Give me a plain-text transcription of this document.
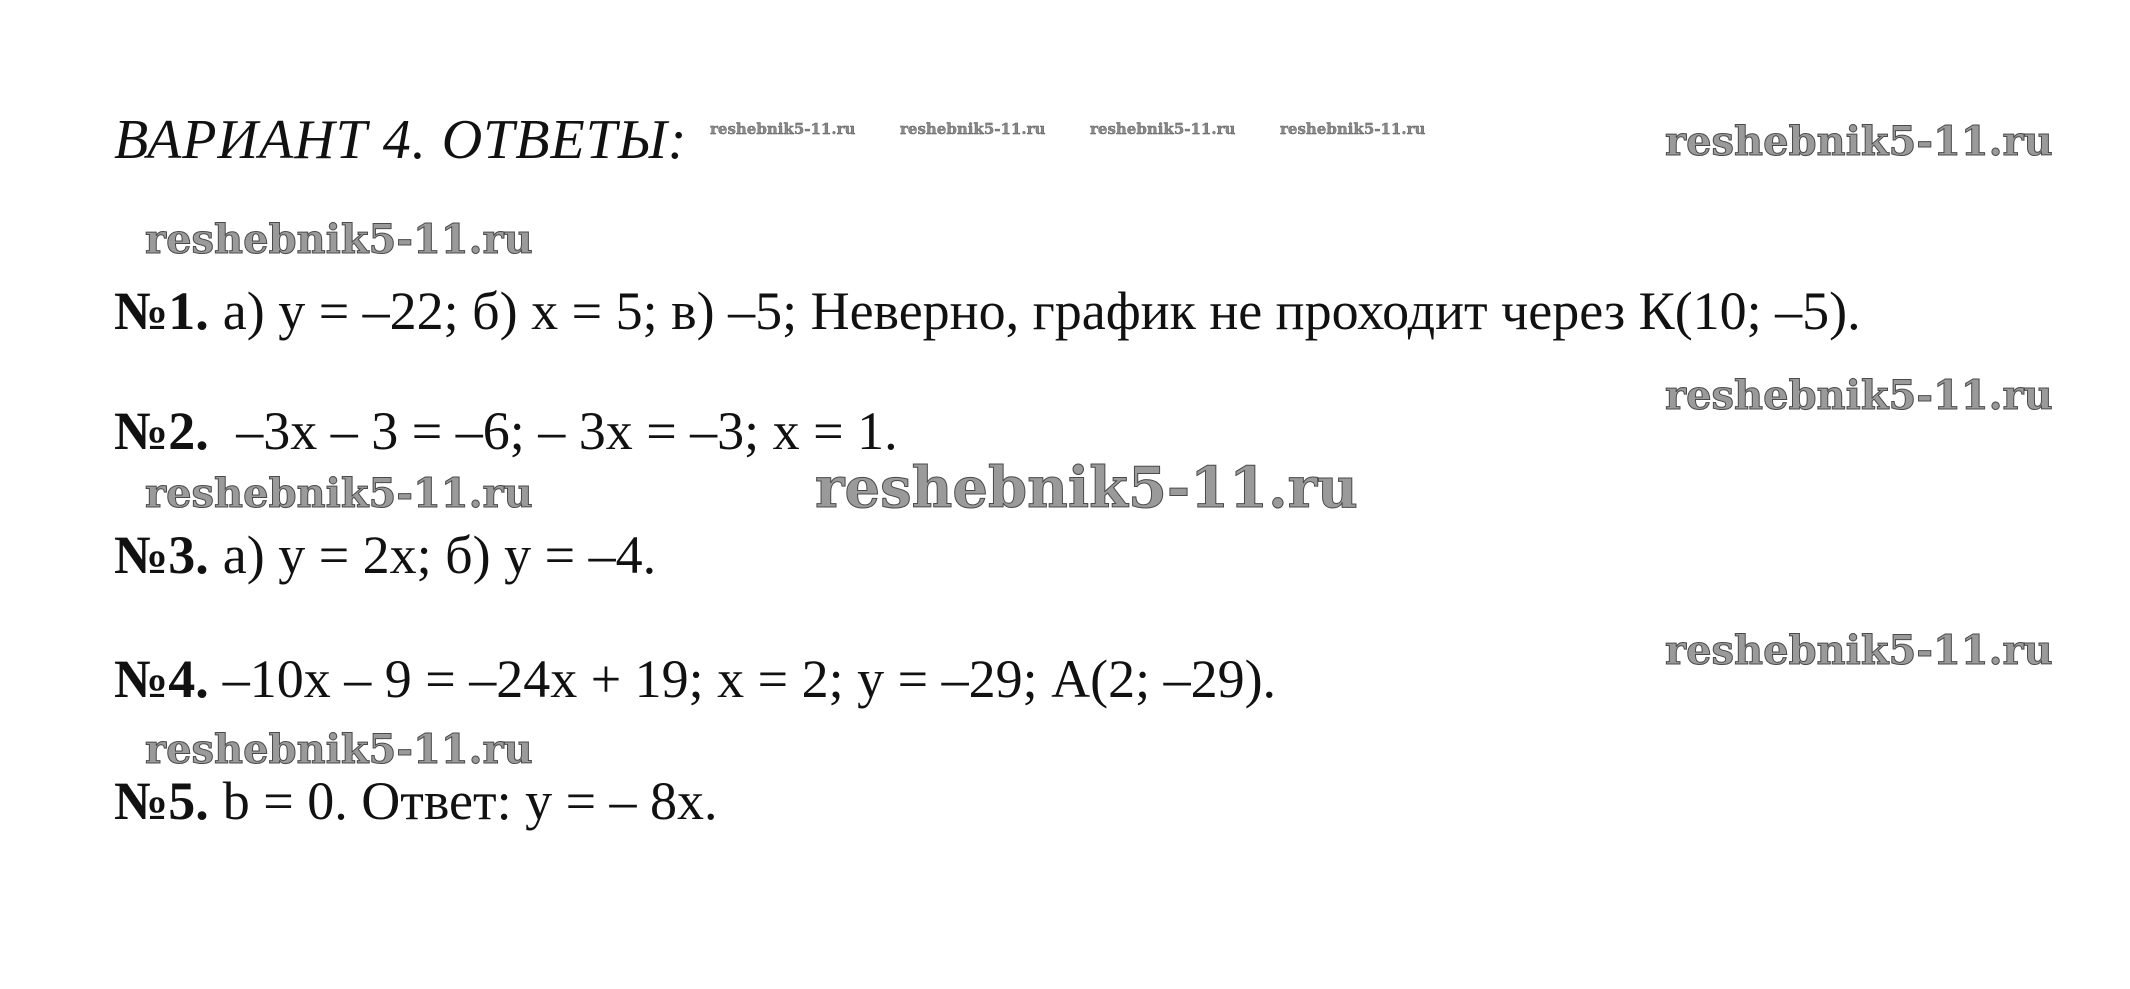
ВАРИАНТ 4. ОТВЕТЫ: reshebnik5-11.ru	reshebnik5-11.ru	reshebnik5-11.ru	reshebnik5-11.ru	reshebnik5-11.ru
reshebnik5-11.ru
reshebnik5-11.ru
reshebnik5-11.ru
reshebnik5-11.ru
reshebnik5-11.ru
reshebnik5-11.ru
№1. а) у = –22; б) х = 5; в) –5; Неверно, график не проходит через К(10; –5).
№2. –3х – 3 = –6; – 3х = –3; х = 1.
№3. а) у = 2х; б) у = –4.
№4. –10х – 9 = –24х + 19; х = 2; у = –29; А(2; –29).
№5. b = 0. Ответ: у = – 8х.
